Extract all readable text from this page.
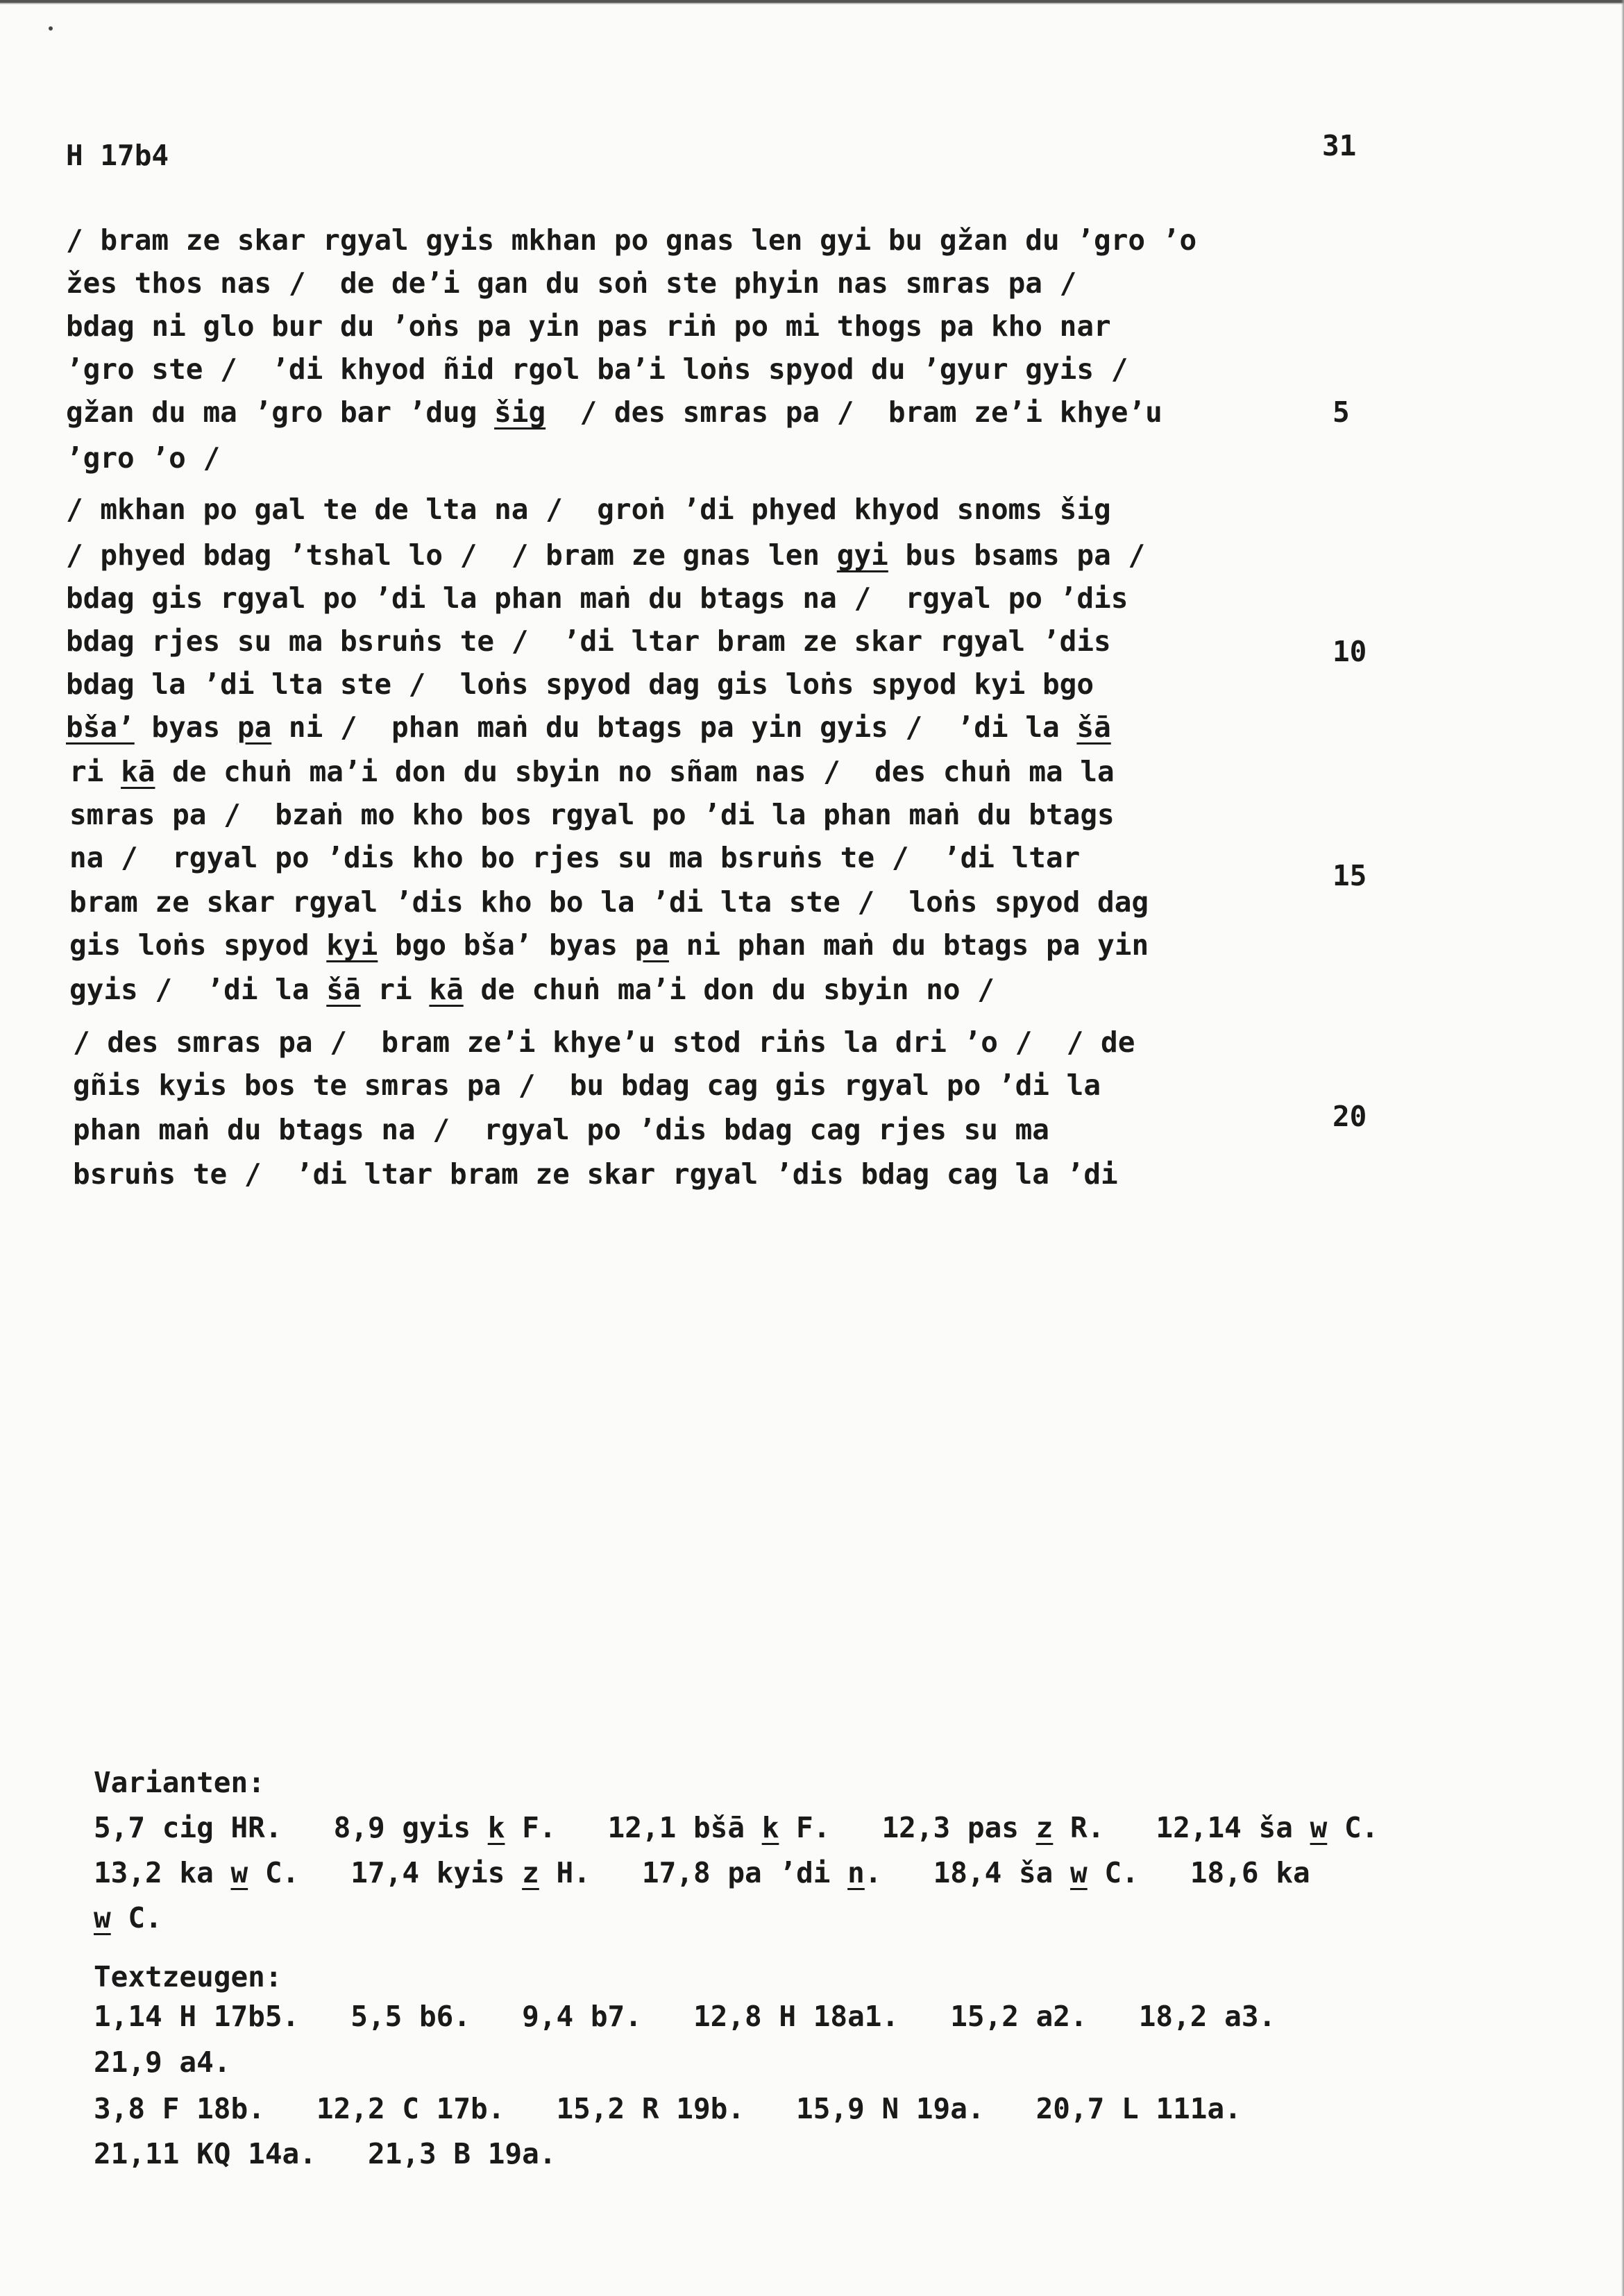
H 17b4	31
/ bram ze skar rgyal gyis mkhan po gnas len gyi bu gžan du ’gro ’o
žes thos nas /  de de’i gan du soṅ ste phyin nas smras pa /
bdag ni glo bur du ’oṅs pa yin pas riṅ po mi thogs pa kho nar
’gro ste /  ’di khyod ñid rgol ba’i loṅs spyod du ’gyur gyis /
gžan du ma ’gro bar ’dug šig  / des smras pa /  bram ze’i khye’u
’gro ’o /
/ mkhan po gal te de lta na /  groṅ ’di phyed khyod snoms šig
/ phyed bdag ’tshal lo /  / bram ze gnas len gyi bus bsams pa /
bdag gis rgyal po ’di la phan maṅ du btags na /  rgyal po ’dis
bdag rjes su ma bsruṅs te /  ’di ltar bram ze skar rgyal ’dis
bdag la ’di lta ste /  loṅs spyod dag gis loṅs spyod kyi bgo
bša’ byas pa ni /  phan maṅ du btags pa yin gyis /  ’di la šā
ri kā de chuṅ ma’i don du sbyin no sñam nas /  des chuṅ ma la
smras pa /  bzaṅ mo kho bos rgyal po ’di la phan maṅ du btags
na /  rgyal po ’dis kho bo rjes su ma bsruṅs te /  ’di ltar
bram ze skar rgyal ’dis kho bo la ’di lta ste /  loṅs spyod dag
gis loṅs spyod kyi bgo bša’ byas pa ni phan maṅ du btags pa yin
gyis /  ’di la šā ri kā de chuṅ ma’i don du sbyin no /
/ des smras pa /  bram ze’i khye’u stod riṅs la dri ’o /  / de
gñis kyis bos te smras pa /  bu bdag cag gis rgyal po ’di la
phan maṅ du btags na /  rgyal po ’dis bdag cag rjes su ma
bsruṅs te /  ’di ltar bram ze skar rgyal ’dis bdag cag la ’di
5
10
15
20
Varianten:
5,7 cig HR.   8,9 gyis k F.   12,1 bšā k F.   12,3 pas z R.   12,14 ša w C.
13,2 ka w C.   17,4 kyis z H.   17,8 pa ’di n.   18,4 ša w C.   18,6 ka
w C.
Textzeugen:
1,14 H 17b5.   5,5 b6.   9,4 b7.   12,8 H 18a1.   15,2 a2.   18,2 a3.
21,9 a4.
3,8 F 18b.   12,2 C 17b.   15,2 R 19b.   15,9 N 19a.   20,7 L 111a.
21,11 KQ 14a.   21,3 B 19a.
